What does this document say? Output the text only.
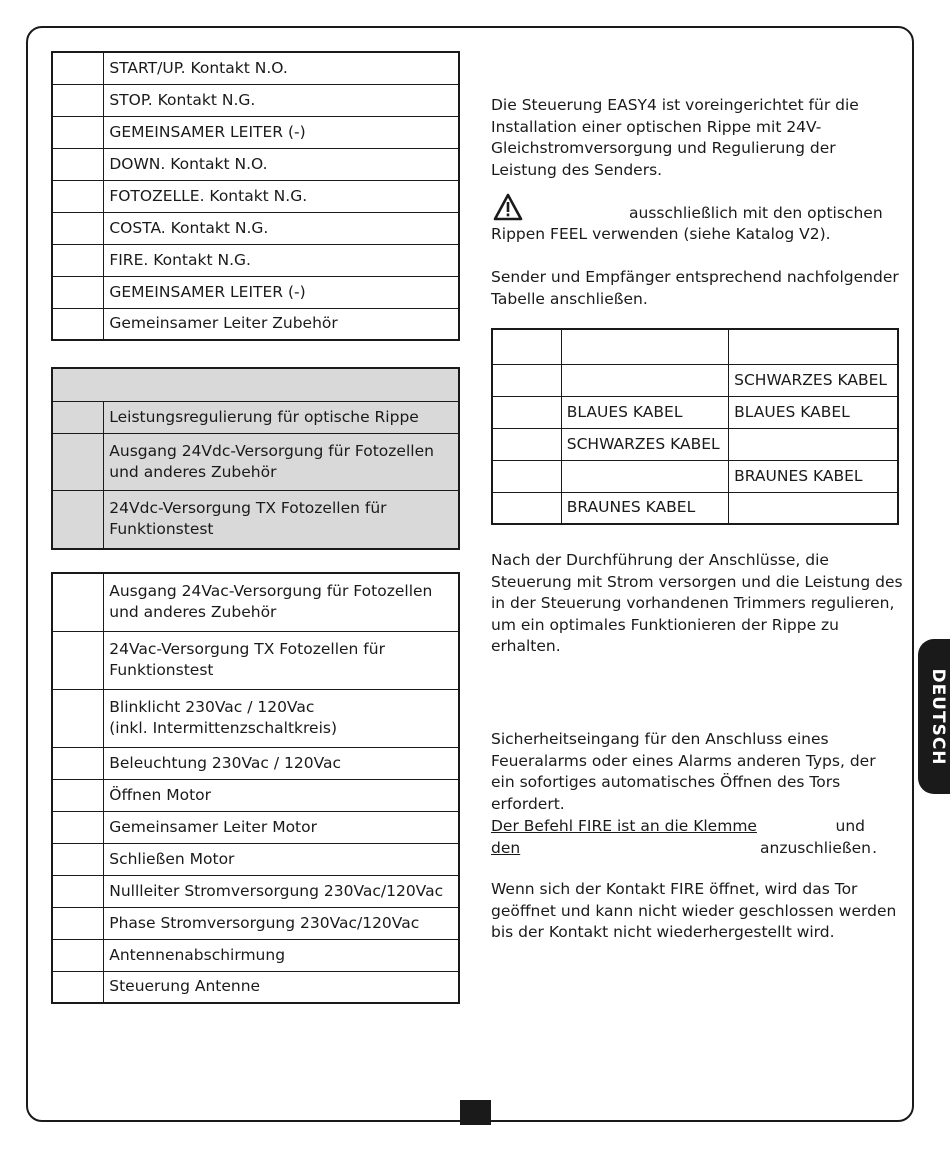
	START/UP. Kontakt N.O.
	STOP. Kontakt N.G.
	GEMEINSAMER LEITER (-)
	DOWN. Kontakt N.O.
	FOTOZELLE. Kontakt N.G.
	COSTA. Kontakt N.G.
	FIRE. Kontakt N.G.
	GEMEINSAMER LEITER (-)
	Gemeinsamer Leiter Zubehör

	Leistungsregulierung für optische Rippe
	Ausgang 24Vdc-Versorgung für Fotozellen und anderes Zubehör
	24Vdc-Versorgung TX Fotozellen für Funktionstest
	Ausgang 24Vac-Versorgung für Fotozellen und anderes Zubehör
	24Vac-Versorgung TX Fotozellen für Funktionstest
	Blinklicht 230Vac / 120Vac
(inkl. Intermittenzschaltkreis)
	Beleuchtung 230Vac / 120Vac
	Öffnen Motor
	Gemeinsamer Leiter Motor
	Schließen Motor
	Nullleiter Stromversorgung 230Vac/120Vac
	Phase Stromversorgung 230Vac/120Vac
	Antennenabschirmung
	Steuerung Antenne

Die Steuerung EASY4 ist voreingerichtet für die Installation einer optischen Rippe mit 24V-Gleichstromversorgung und Regulierung der Leistung des Senders.

ausschließlich mit den optischen
Rippen FEEL verwenden (siehe Katalog V2).

Sender und Empfänger entsprechend nachfolgender Tabelle anschließen.

		SCHWARZES KABEL
	BLAUES KABEL	BLAUES KABEL
	SCHWARZES KABEL	
		BRAUNES KABEL
	BRAUNES KABEL	

Nach der Durchführung der Anschlüsse, die Steuerung mit Strom versorgen und die Leistung des in der Steuerung vorhandenen Trimmers regulieren, um ein optimales Funktionieren der Rippe zu erhalten.

Sicherheitseingang für den Anschluss eines Feueralarms oder eines Alarms anderen Typs, der ein sofortiges automatisches Öffnen des Tors erfordert.

Der Befehl FIRE ist an die Klemme	und
den	anzuschließen .

Wenn sich der Kontakt FIRE öffnet, wird das Tor geöffnet und kann nicht wieder geschlossen werden bis der Kontakt nicht wiederhergestellt wird.

DEUTSCH
